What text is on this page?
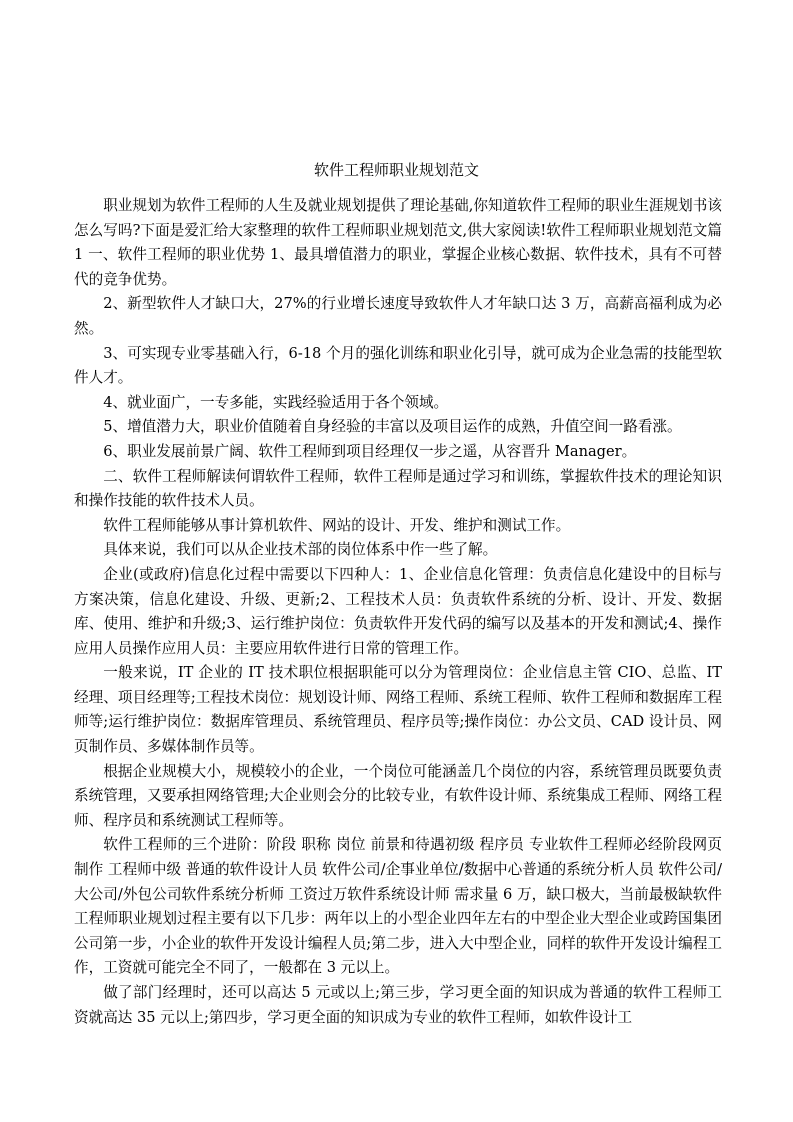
软件工程师职业规划范文

职业规划为软件工程师的人生及就业规划提供了理论基础,你知道软件工程师的职业生涯规划书该怎么写吗?下面是爱汇给大家整理的软件工程师职业规划范文,供大家阅读!软件工程师职业规划范文篇 1 一、软件工程师的职业优势 1、最具增值潜力的职业，掌握企业核心数据、软件技术，具有不可替代的竞争优势。

2、新型软件人才缺口大，27%的行业增长速度导致软件人才年缺口达 3 万，高薪高福利成为必然。

3、可实现专业零基础入行，6-18 个月的强化训练和职业化引导，就可成为企业急需的技能型软件人才。

4、就业面广，一专多能，实践经验适用于各个领域。

5、增值潜力大，职业价值随着自身经验的丰富以及项目运作的成熟，升值空间一路看涨。

6、职业发展前景广阔、软件工程师到项目经理仅一步之遥，从容晋升 Manager。

二、软件工程师解读何谓软件工程师，软件工程师是通过学习和训练，掌握软件技术的理论知识和操作技能的软件技术人员。

软件工程师能够从事计算机软件、网站的设计、开发、维护和测试工作。

具体来说，我们可以从企业技术部的岗位体系中作一些了解。

企业(或政府)信息化过程中需要以下四种人：1、企业信息化管理：负责信息化建设中的目标与方案决策，信息化建设、升级、更新;2、工程技术人员：负责软件系统的分析、设计、开发、数据库、使用、维护和升级;3、运行维护岗位：负责软件开发代码的编写以及基本的开发和测试;4、操作应用人员操作应用人员：主要应用软件进行日常的管理工作。

一般来说，IT 企业的 IT 技术职位根据职能可以分为管理岗位：企业信息主管 CIO、总监、IT 经理、项目经理等;工程技术岗位：规划设计师、网络工程师、系统工程师、软件工程师和数据库工程师等;运行维护岗位：数据库管理员、系统管理员、程序员等;操作岗位：办公文员、CAD 设计员、网页制作员、多媒体制作员等。

根据企业规模大小，规模较小的企业，一个岗位可能涵盖几个岗位的内容，系统管理员既要负责系统管理，又要承担网络管理;大企业则会分的比较专业，有软件设计师、系统集成工程师、网络工程师、程序员和系统测试工程师等。

软件工程师的三个进阶：阶段 职称 岗位 前景和待遇初级 程序员 专业软件工程师必经阶段网页制作 工程师中级 普通的软件设计人员 软件公司/企事业单位/数据中心普通的系统分析人员 软件公司/大公司/外包公司软件系统分析师 工资过万软件系统设计师 需求量 6 万，缺口极大，当前最极缺软件工程师职业规划过程主要有以下几步：两年以上的小型企业四年左右的中型企业大型企业或跨国集团公司第一步，小企业的软件开发设计编程人员;第二步，进入大中型企业，同样的软件开发设计编程工作，工资就可能完全不同了，一般都在 3 元以上。

做了部门经理时，还可以高达 5 元或以上;第三步，学习更全面的知识成为普通的软件工程师工资就高达 35 元以上;第四步，学习更全面的知识成为专业的软件工程师，如软件设计工
